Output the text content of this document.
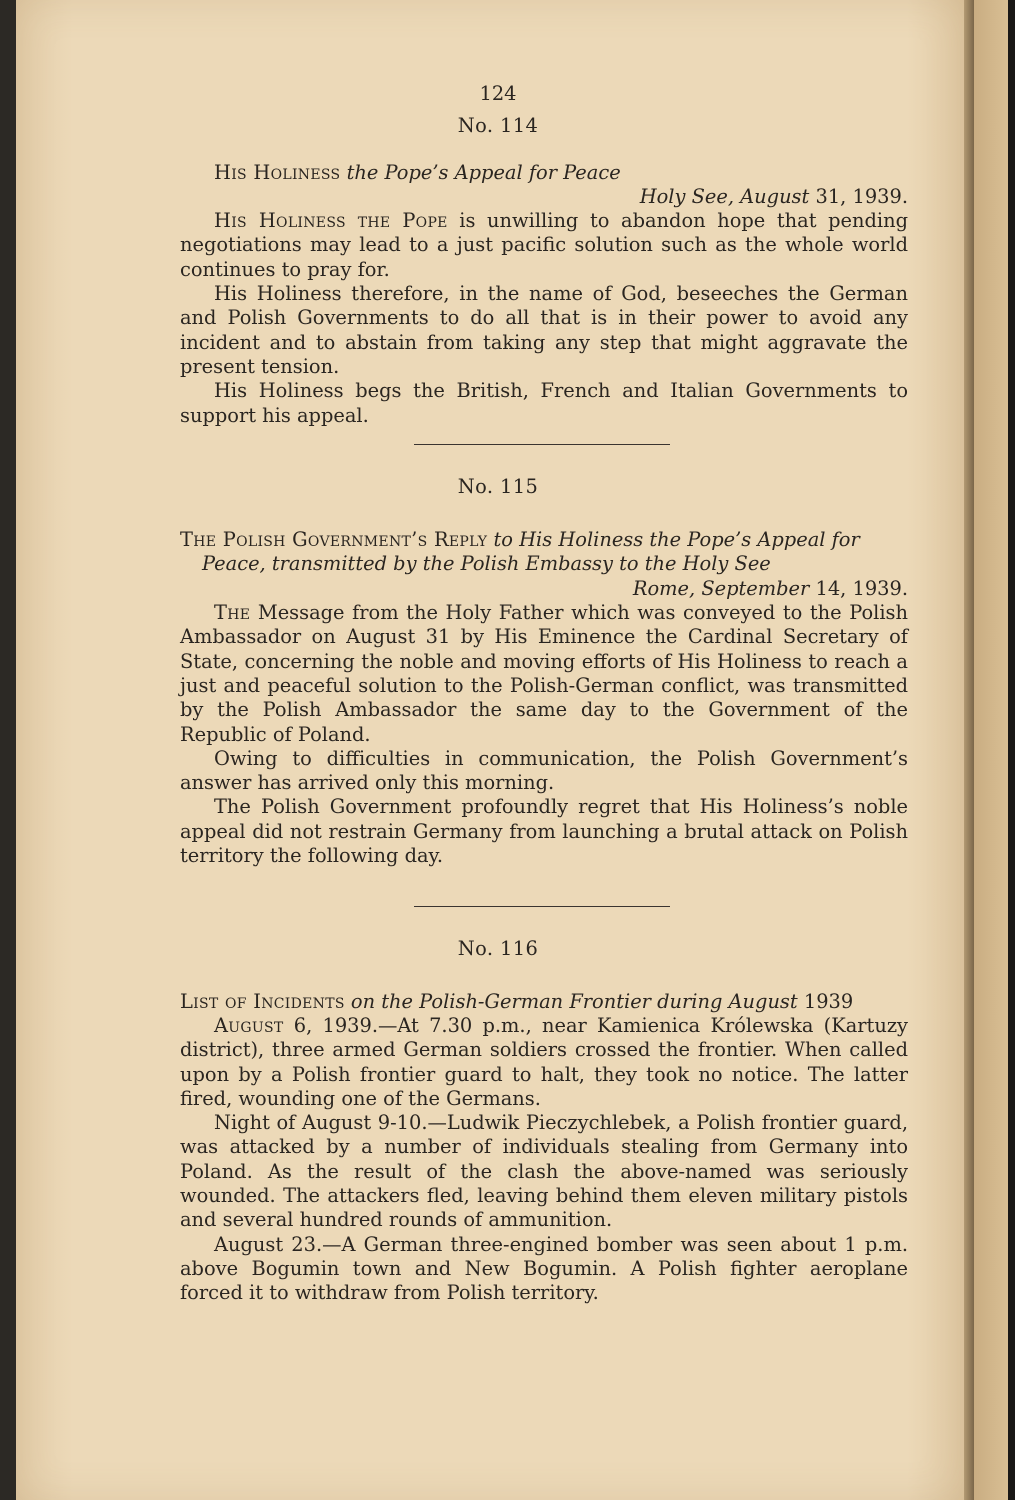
124
No. 114
His Holiness the Pope’s Appeal for Peace
Holy See, August 31, 1939.

His Holiness the Pope is unwilling to abandon hope that pending negotiations may lead to a just pacific solution such as the whole world continues to pray for.

His Holiness therefore, in the name of God, beseeches the German and Polish Governments to do all that is in their power to avoid any incident and to abstain from taking any step that might aggravate the present tension.

His Holiness begs the British, French and Italian Governments to support his appeal.

No. 115
The Polish Government’s Reply to His Holiness the Pope’s Appeal for Peace, transmitted by the Polish Embassy to the Holy See
Rome, September 14, 1939.

The Message from the Holy Father which was conveyed to the Polish Ambassador on August 31 by His Eminence the Cardinal Secretary of State, concerning the noble and moving efforts of His Holiness to reach a just and peaceful solution to the Polish-German conflict, was transmitted by the Polish Ambassador the same day to the Government of the Republic of Poland.

Owing to difficulties in communication, the Polish Government’s answer has arrived only this morning.

The Polish Government profoundly regret that His Holiness’s noble appeal did not restrain Germany from launching a brutal attack on Polish territory the following day.

No. 116
List of Incidents on the Polish-German Frontier during August 1939

August 6, 1939.—At 7.30 p.m., near Kamienica Królewska (Kartuzy district), three armed German soldiers crossed the frontier. When called upon by a Polish frontier guard to halt, they took no notice. The latter fired, wounding one of the Germans.

Night of August 9-10.—Ludwik Pieczychlebek, a Polish frontier guard, was attacked by a number of individuals stealing from Germany into Poland. As the result of the clash the above-named was seriously wounded. The attackers fled, leaving behind them eleven military pistols and several hundred rounds of ammunition.

August 23.—A German three-engined bomber was seen about 1 p.m. above Bogumin town and New Bogumin. A Polish fighter aeroplane forced it to withdraw from Polish territory.
